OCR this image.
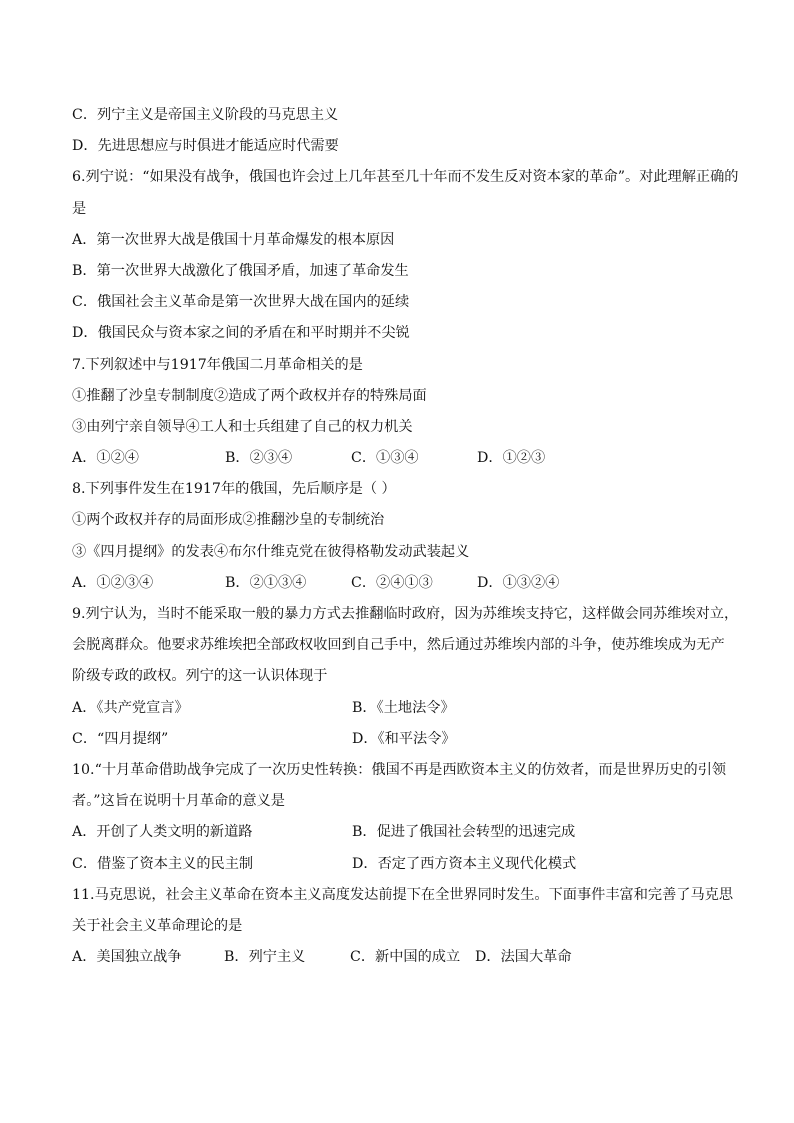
C．列宁主义是帝国主义阶段的马克思主义
D．先进思想应与时俱进才能适应时代需要
6.列宁说：“如果没有战争，俄国也许会过上几年甚至几十年而不发生反对资本家的革命”。对此理解正确的
是
A．第一次世界大战是俄国十月革命爆发的根本原因
B．第一次世界大战激化了俄国矛盾，加速了革命发生
C．俄国社会主义革命是第一次世界大战在国内的延续
D．俄国民众与资本家之间的矛盾在和平时期并不尖锐
7.下列叙述中与1917年俄国二月革命相关的是
①推翻了沙皇专制制度②造成了两个政权并存的特殊局面
③由列宁亲自领导④工人和士兵组建了自己的权力机关
A．①②④	B．②③④	C．①③④	D．①②③
8.下列事件发生在1917年的俄国，先后顺序是（ ）
①两个政权并存的局面形成②推翻沙皇的专制统治
③《四月提纲》的发表④布尔什维克党在彼得格勒发动武装起义
A．①②③④	B．②①③④	C．②④①③	D．①③②④
9.列宁认为，当时不能采取一般的暴力方式去推翻临时政府，因为苏维埃支持它，这样做会同苏维埃对立，
会脱离群众。他要求苏维埃把全部政权收回到自己手中，然后通过苏维埃内部的斗争，使苏维埃成为无产
阶级专政的政权。列宁的这一认识体现于
A．《共产党宣言》	B．《土地法令》
C．“四月提纲”	D．《和平法令》
10.“十月革命借助战争完成了一次历史性转换：俄国不再是西欧资本主义的仿效者，而是世界历史的引领
者。”这旨在说明十月革命的意义是
A．开创了人类文明的新道路	B．促进了俄国社会转型的迅速完成
C．借鉴了资本主义的民主制	D．否定了西方资本主义现代化模式
11.马克思说，社会主义革命在资本主义高度发达前提下在全世界同时发生。下面事件丰富和完善了马克思
关于社会主义革命理论的是
A．美国独立战争	B．列宁主义	C．新中国的成立	D．法国大革命
